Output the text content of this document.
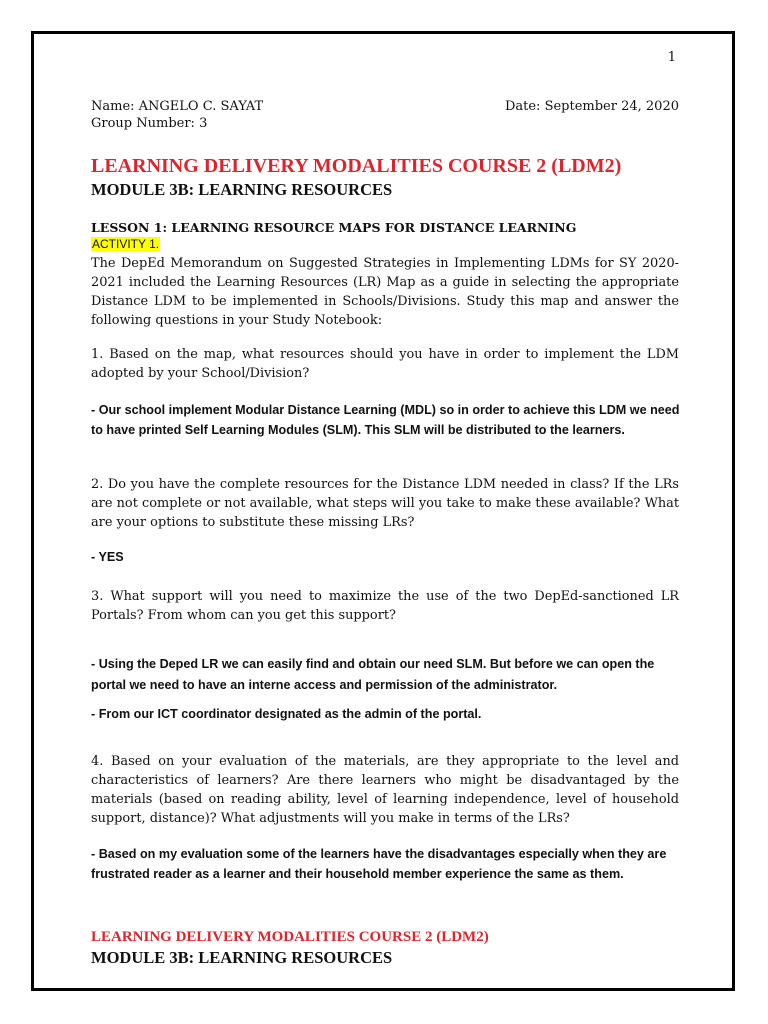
1
Name: ANGELO C. SAYAT
Group Number: 3
Date: September 24, 2020
LEARNING DELIVERY MODALITIES COURSE 2 (LDM2)
MODULE 3B: LEARNING RESOURCES
LESSON 1: LEARNING RESOURCE MAPS FOR DISTANCE LEARNING
ACTIVITY 1.
The DepEd Memorandum on Suggested Strategies in Implementing LDMs for SY 2020-2021 included the Learning Resources (LR) Map as a guide in selecting the appropriate Distance LDM to be implemented in Schools/Divisions. Study this map and answer the following questions in your Study Notebook:
1. Based on the map, what resources should you have in order to implement the LDM adopted by your School/Division?
- Our school implement Modular Distance Learning (MDL) so in order to achieve this LDM we need to have printed Self Learning Modules (SLM). This SLM will be distributed to the learners.
2. Do you have the complete resources for the Distance LDM needed in class? If the LRs are not complete or not available, what steps will you take to make these available? What are your options to substitute these missing LRs?
- YES
3. What support will you need to maximize the use of the two DepEd-sanctioned LR Portals? From whom can you get this support?
- Using the Deped LR we can easily find and obtain our need SLM. But before we can open the portal we need to have an interne access and permission of the administrator.
- From our ICT coordinator designated as the admin of the portal.
4. Based on your evaluation of the materials, are they appropriate to the level and characteristics of learners? Are there learners who might be disadvantaged by the materials (based on reading ability, level of learning independence, level of household support, distance)? What adjustments will you make in terms of the LRs?
- Based on my evaluation some of the learners have the disadvantages especially when they are frustrated reader as a learner and their household member experience the same as them.
LEARNING DELIVERY MODALITIES COURSE 2 (LDM2)
MODULE 3B: LEARNING RESOURCES
